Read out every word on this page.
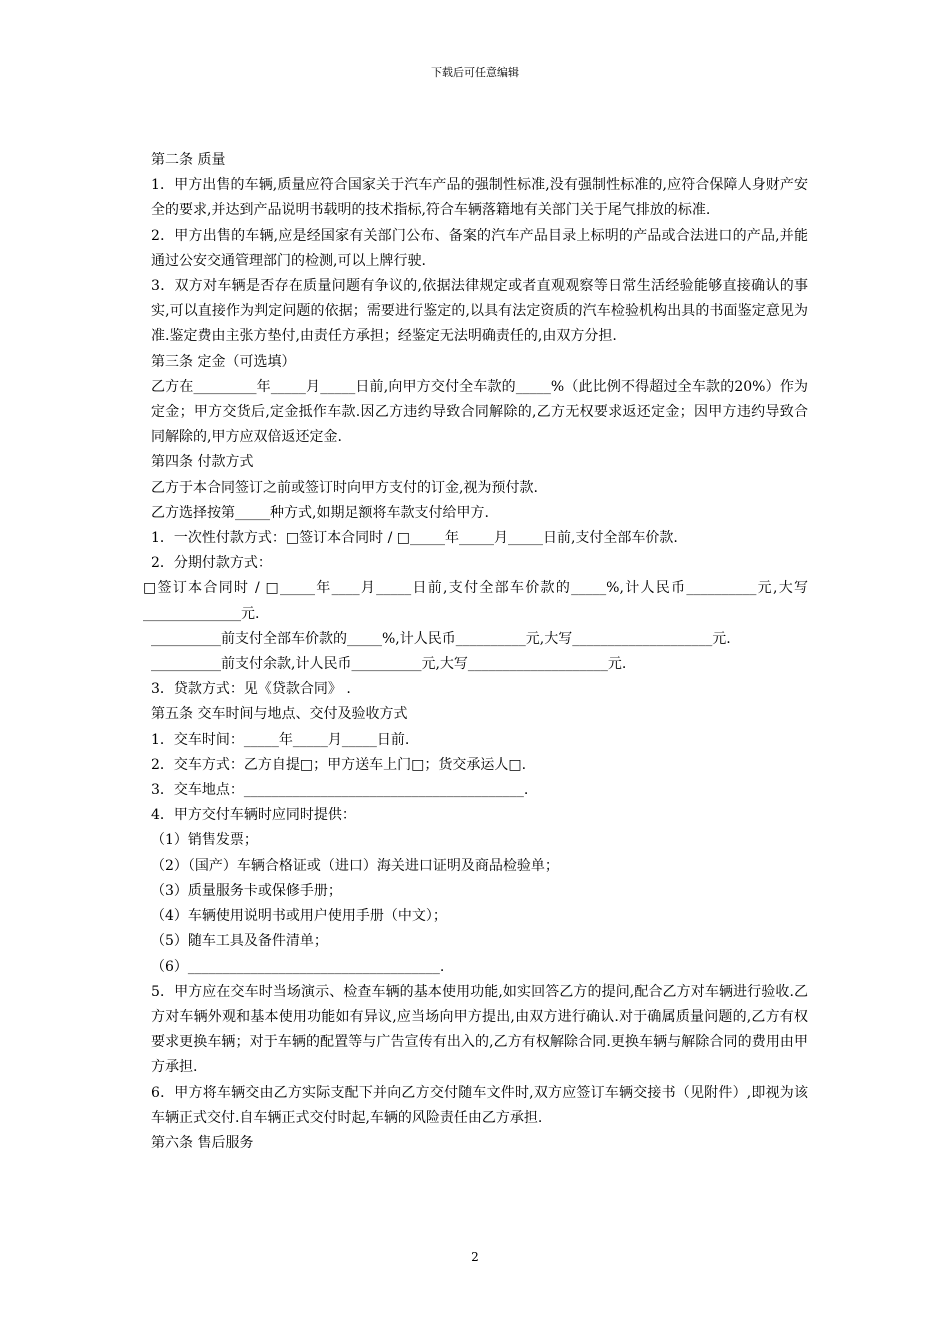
下载后可任意编辑

第二条 质量

1．甲方出售的车辆,质量应符合国家关于汽车产品的强制性标准,没有强制性标准的,应符合保障人身财产安全的要求,并达到产品说明书载明的技术指标,符合车辆落籍地有关部门关于尾气排放的标准.

2．甲方出售的车辆,应是经国家有关部门公布、备案的汽车产品目录上标明的产品或合法进口的产品,并能通过公安交通管理部门的检测,可以上牌行驶.

3．双方对车辆是否存在质量问题有争议的,依据法律规定或者直观观察等日常生活经验能够直接确认的事实,可以直接作为判定问题的依据；需要进行鉴定的,以具有法定资质的汽车检验机构出具的书面鉴定意见为准.鉴定费由主张方垫付,由责任方承担；经鉴定无法明确责任的,由双方分担.

第三条 定金（可选填）

乙方在_________年_____月_____日前,向甲方交付全车款的_____%（此比例不得超过全车款的20%）作为定金；甲方交货后,定金抵作车款.因乙方违约导致合同解除的,乙方无权要求返还定金；因甲方违约导致合同解除的,甲方应双倍返还定金.

第四条 付款方式

乙方于本合同签订之前或签订时向甲方支付的订金,视为预付款.

乙方选择按第_____种方式,如期足额将车款支付给甲方.

1．一次性付款方式：□签订本合同时 / □_____年_____月_____日前,支付全部车价款.

2．分期付款方式：

□签订本合同时 / □_____年____月_____日前,支付全部车价款的_____%,计人民币__________元,大写______________元.

__________前支付全部车价款的_____%,计人民币__________元,大写____________________元.

__________前支付余款,计人民币__________元,大写____________________元.

3．贷款方式：见《贷款合同》 .

第五条 交车时间与地点、交付及验收方式

1．交车时间：_____年_____月_____日前.

2．交车方式：乙方自提□；甲方送车上门□；货交承运人□.

3．交车地点：________________________________________.

4．甲方交付车辆时应同时提供：

（1）销售发票；

（2）（国产）车辆合格证或（进口）海关进口证明及商品检验单；

（3）质量服务卡或保修手册；

（4）车辆使用说明书或用户使用手册（中文）；

（5）随车工具及备件清单；

（6）____________________________________.

5．甲方应在交车时当场演示、检查车辆的基本使用功能,如实回答乙方的提问,配合乙方对车辆进行验收.乙方对车辆外观和基本使用功能如有异议,应当场向甲方提出,由双方进行确认.对于确属质量问题的,乙方有权要求更换车辆；对于车辆的配置等与广告宣传有出入的,乙方有权解除合同.更换车辆与解除合同的费用由甲方承担.

6．甲方将车辆交由乙方实际支配下并向乙方交付随车文件时,双方应签订车辆交接书（见附件）,即视为该车辆正式交付.自车辆正式交付时起,车辆的风险责任由乙方承担.

第六条 售后服务

2
